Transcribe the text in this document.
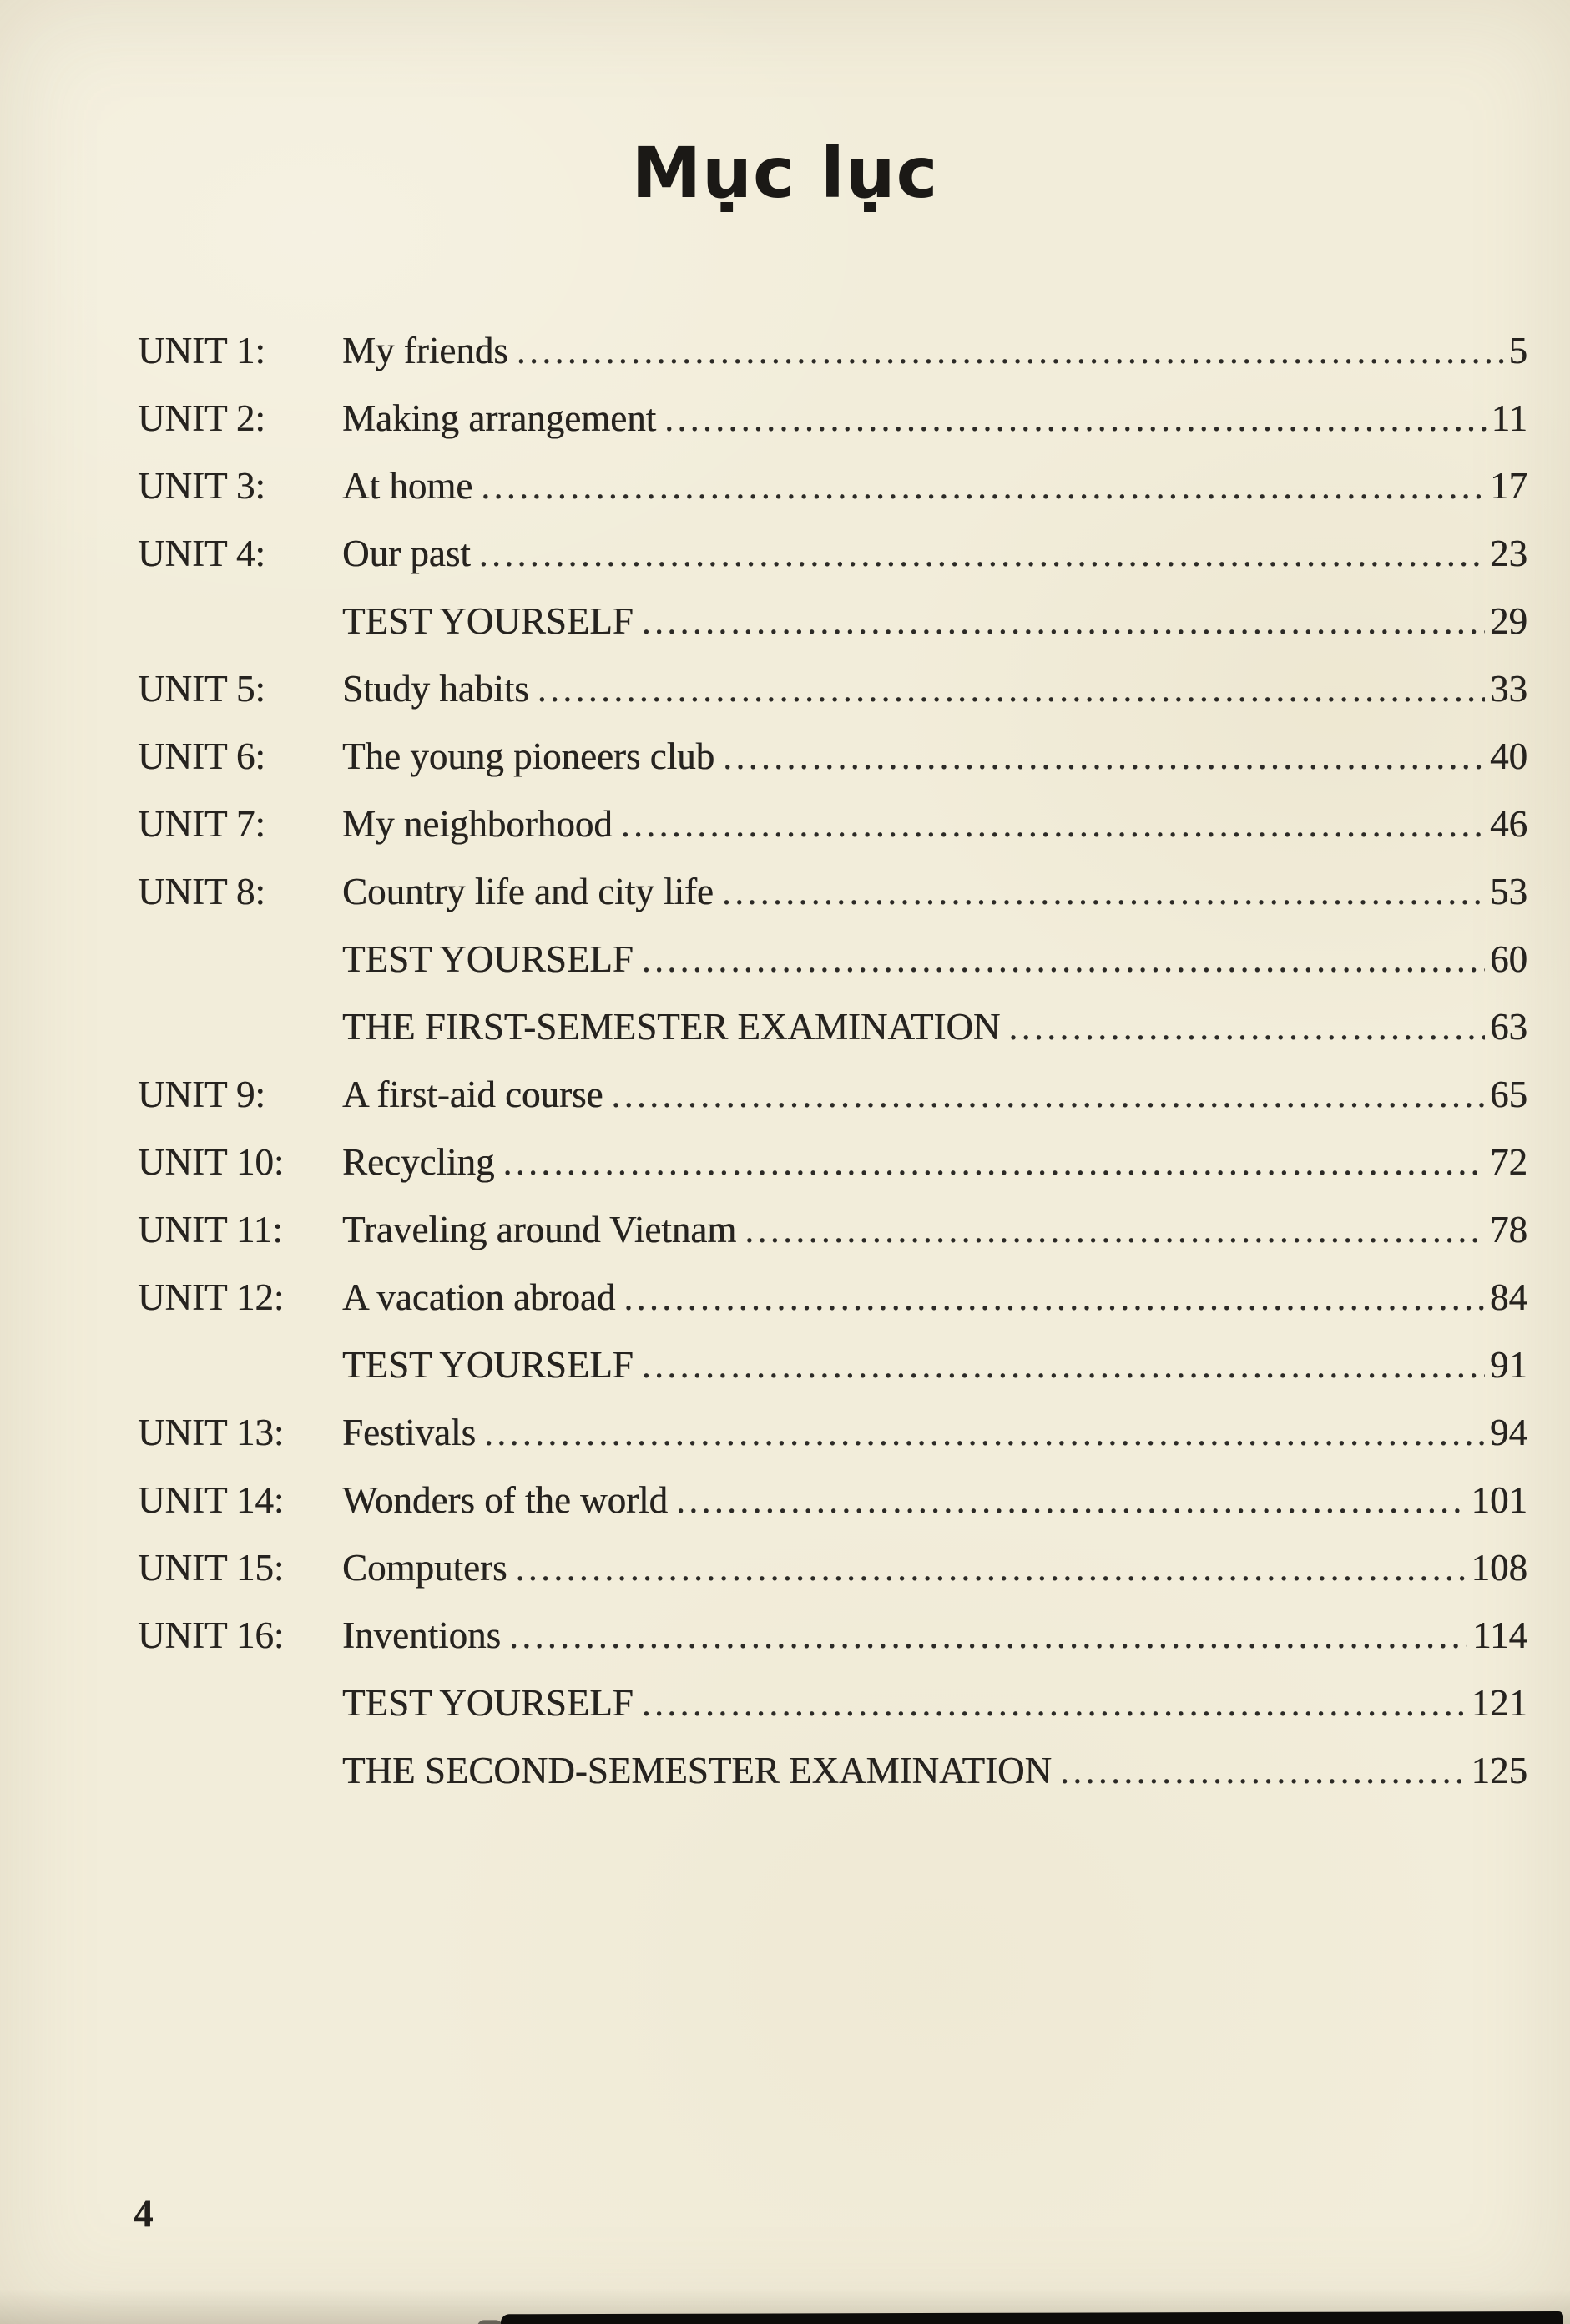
Mục lục
UNIT 1:	My friends .....	5
UNIT 2:	Making arrangement .....	11
UNIT 3:	At home .....	17
UNIT 4:	Our past .....	23
TEST YOURSELF .....	29
UNIT 5:	Study habits .....	33
UNIT 6:	The young pioneers club .....	40
UNIT 7:	My neighborhood .....	46
UNIT 8:	Country life and city life .....	53
TEST YOURSELF .....	60
THE FIRST-SEMESTER EXAMINATION .....	63
UNIT 9:	A first-aid course .....	65
UNIT 10:	Recycling .....	72
UNIT 11:	Traveling around Vietnam .....	78
UNIT 12:	A vacation abroad .....	84
TEST YOURSELF .....	91
UNIT 13:	Festivals .....	94
UNIT 14:	Wonders of the world .....	101
UNIT 15:	Computers .....	108
UNIT 16:	Inventions .....	114
TEST YOURSELF .....	121
THE SECOND-SEMESTER EXAMINATION .....	125
4
